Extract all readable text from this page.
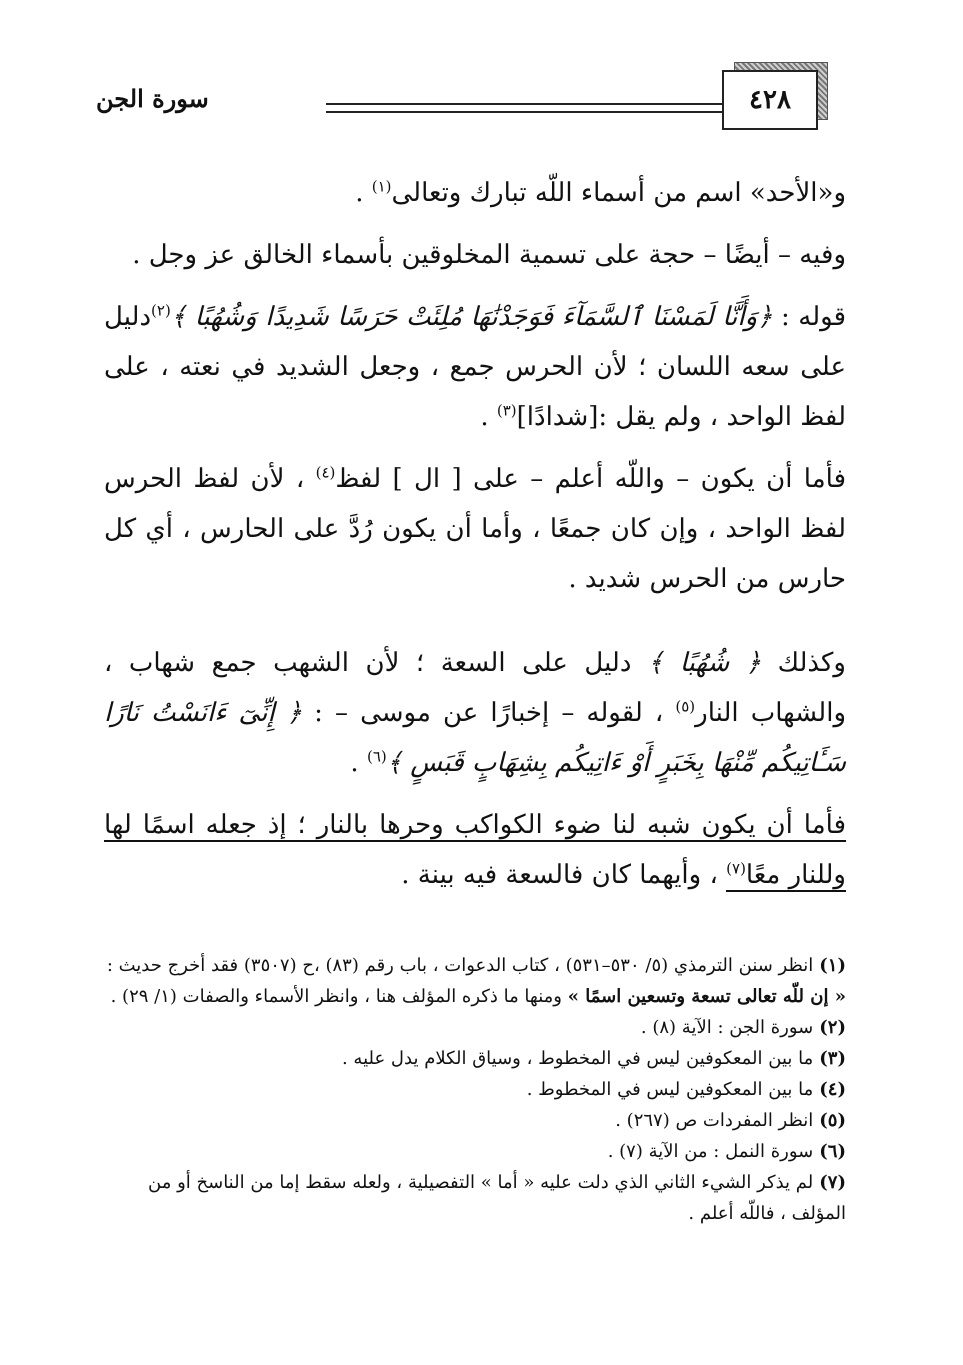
٤٢٨
سورة الجن

و«الأحد» اسم من أسماء اللّه تبارك وتعالى$^{(١)}$ .

وفيه – أيضًا – حجة على تسمية المخلوقين بأسماء الخالق عز وجل .

قوله : ﴿وَأَنَّا لَمَسْنَا ٱلسَّمَآءَ فَوَجَدْنَٰهَا مُلِئَتْ حَرَسًا شَدِيدًا وَشُهُبًا ﴾$^{(٢)}$دليل على سعه اللسان ؛ لأن الحرس جمع ، وجعل الشديد في نعته ، على لفظ الواحد ، ولم يقل :[شدادًا]$^{(٣)}$ .

فأما أن يكون – واللّه أعلم – على [ ال ] لفظ$^{(٤)}$ ، لأن لفظ الحرس لفظ الواحد ، وإن كان جمعًا ، وأما أن يكون رُدَّ على الحارس ، أي كل حارس من الحرس شديد .

وكذلك ﴿ شُهُبًا ﴾ دليل على السعة ؛ لأن الشهب جمع شهاب ، والشهاب النار$^{(٥)}$ ، لقوله – إخبارًا عن موسى – : ﴿ إِنِّىٓ ءَانَسْتُ نَارًا سَـَٔاتِيكُم مِّنْهَا بِخَبَرٍ أَوْ ءَاتِيكُم بِشِهَابٍ قَبَسٍ ﴾$^{(٦)}$ .

فأما أن يكون شبه لنا ضوء الكواكب وحرها بالنار ؛ إذ جعله اسمًا لها وللنار معًا$^{(٧)}$ ، وأيهما كان فالسعة فيه بينة .

(١)انظر سنن الترمذي (٥/ ٥٣٠–٥٣١) ، كتاب الدعوات ، باب رقم (٨٣) ،ح (٣٥٠٧) فقد أخرج حديث : « إن للّه تعالى تسعة وتسعين اسمًا » ومنها ما ذكره المؤلف هنا ، وانظر الأسماء والصفات (١/ ٢٩) .

(٢)سورة الجن : الآية (٨) .

(٣)ما بين المعكوفين ليس في المخطوط ، وسياق الكلام يدل عليه .

(٤)ما بين المعكوفين ليس في المخطوط .

(٥)انظر المفردات ص (٢٦٧) .

(٦)سورة النمل : من الآية (٧) .

(٧)لم يذكر الشيء الثاني الذي دلت عليه « أما » التفصيلية ، ولعله سقط إما من الناسخ أو من المؤلف ، فاللّه أعلم .
